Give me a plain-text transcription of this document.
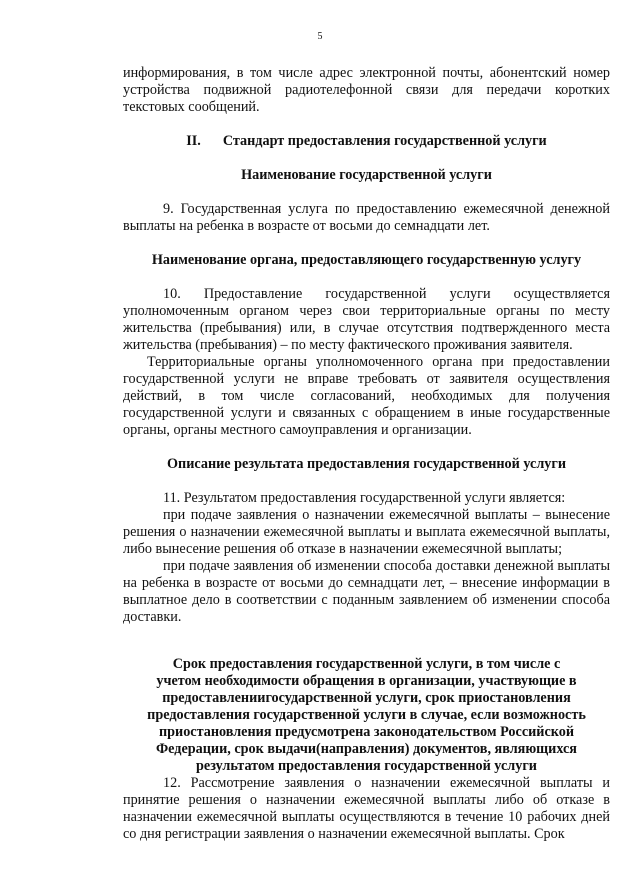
5

информирования, в том числе адрес электронной почты, абонентский номер устройства подвижной радиотелефонной связи для передачи коротких текстовых сообщений.

II. Стандарт предоставления государственной услуги

Наименование государственной услуги

9. Государственная услуга по предоставлению ежемесячной денежной выплаты на ребенка в возрасте от восьми до семнадцати лет.

Наименование органа, предоставляющего государственную услугу

10. Предоставление государственной услуги осуществляется уполномоченным органом через свои территориальные органы по месту жительства (пребывания) или, в случае отсутствия подтвержденного места жительства (пребывания) – по месту фактического проживания заявителя.

Территориальные органы уполномоченного органа при предоставлении государственной услуги не вправе требовать от заявителя осуществления действий, в том числе согласований, необходимых для получения государственной услуги и связанных с обращением в иные государственные органы, органы местного самоуправления и организации.

Описание результата предоставления государственной услуги

11. Результатом предоставления государственной услуги является:

при подаче заявления о назначении ежемесячной выплаты – вынесение решения о назначении ежемесячной выплаты и выплата ежемесячной выплаты, либо вынесение решения об отказе в назначении ежемесячной выплаты;

при подаче заявления об изменении способа доставки денежной выплаты на ребенка в возрасте от восьми до семнадцати лет, – внесение информации в выплатное дело в соответствии с поданным заявлением об изменении способа доставки.

Срок предоставления государственной услуги, в том числе с

учетом необходимости обращения в организации, участвующие в

предоставлениигосударственной услуги, срок приостановления

предоставления государственной услуги в случае, если возможность

приостановления предусмотрена законодательством Российской

Федерации, срок выдачи(направления) документов, являющихся

результатом предоставления государственной услуги

12. Рассмотрение заявления о назначении ежемесячной выплаты и принятие решения о назначении ежемесячной выплаты либо об отказе в назначении ежемесячной выплаты осуществляются в течение 10 рабочих дней со дня регистрации заявления о назначении ежемесячной выплаты. Срок
